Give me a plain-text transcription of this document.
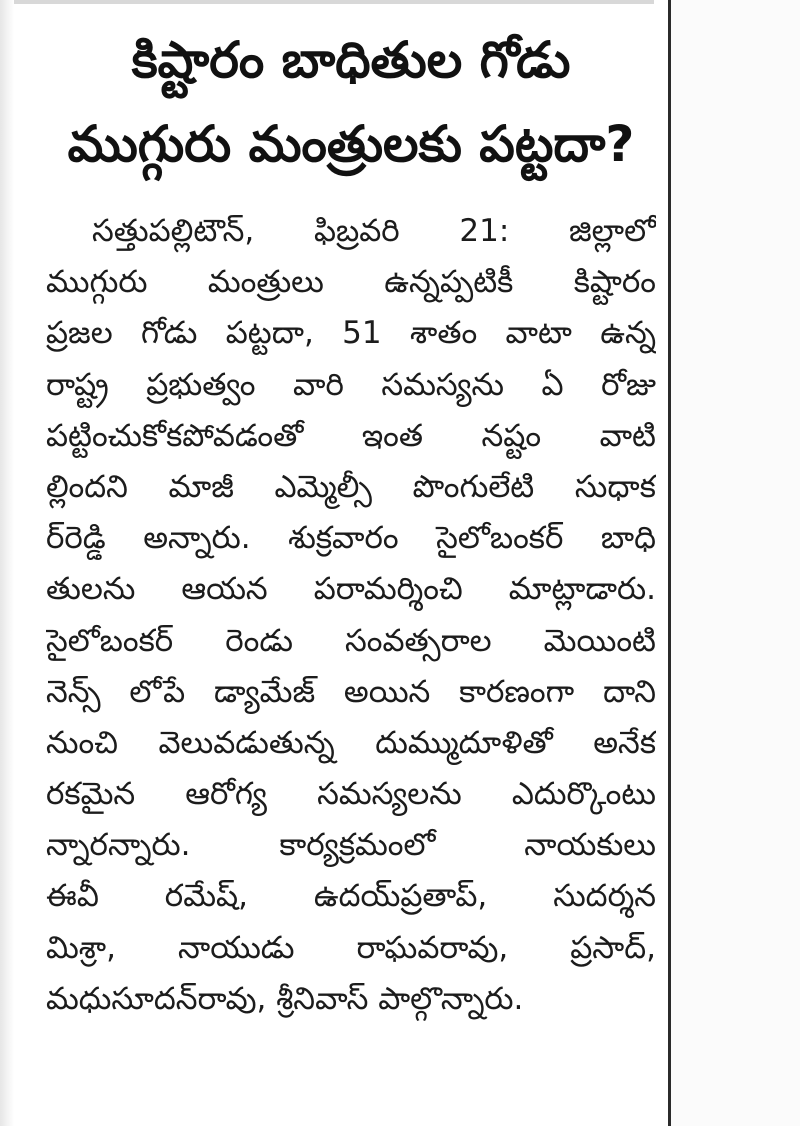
కిష్టారం బాధితుల గోడు
ముగ్గురు మంత్రులకు పట్టదా?
సత్తుపల్లిటౌన్, ఫిబ్రవరి 21: జిల్లాలో
ముగ్గురు మంత్రులు ఉన్నప్పటికీ కిష్టారం
ప్రజల గోడు పట్టదా, 51 శాతం వాటా ఉన్న
రాష్ట్ర ప్రభుత్వం వారి సమస్యను ఏ రోజు
పట్టించుకోకపోవడంతో ఇంత నష్టం వాటి
ల్లిందని మాజీ ఎమ్మెల్సీ పొంగులేటి సుధాక
ర్‌రెడ్డి అన్నారు. శుక్రవారం సైలోబంకర్ బాధి
తులను ఆయన పరామర్శించి మాట్లాడారు.
సైలోబంకర్ రెండు సంవత్సరాల మెయింటి
నెన్స్ లోపే డ్యామేజ్ అయిన కారణంగా దాని
నుంచి వెలువడుతున్న దుమ్ముదూళితో అనేక
రకమైన ఆరోగ్య సమస్యలను ఎదుర్కొంటు
న్నారన్నారు. కార్యక్రమంలో నాయకులు
ఈవీ రమేష్, ఉదయ్‌ప్రతాప్, సుదర్శన
మిశ్రా, నాయుడు రాఘవరావు, ప్రసాద్,
మధుసూదన్‌రావు, శ్రీనివాస్ పాల్గొన్నారు.
